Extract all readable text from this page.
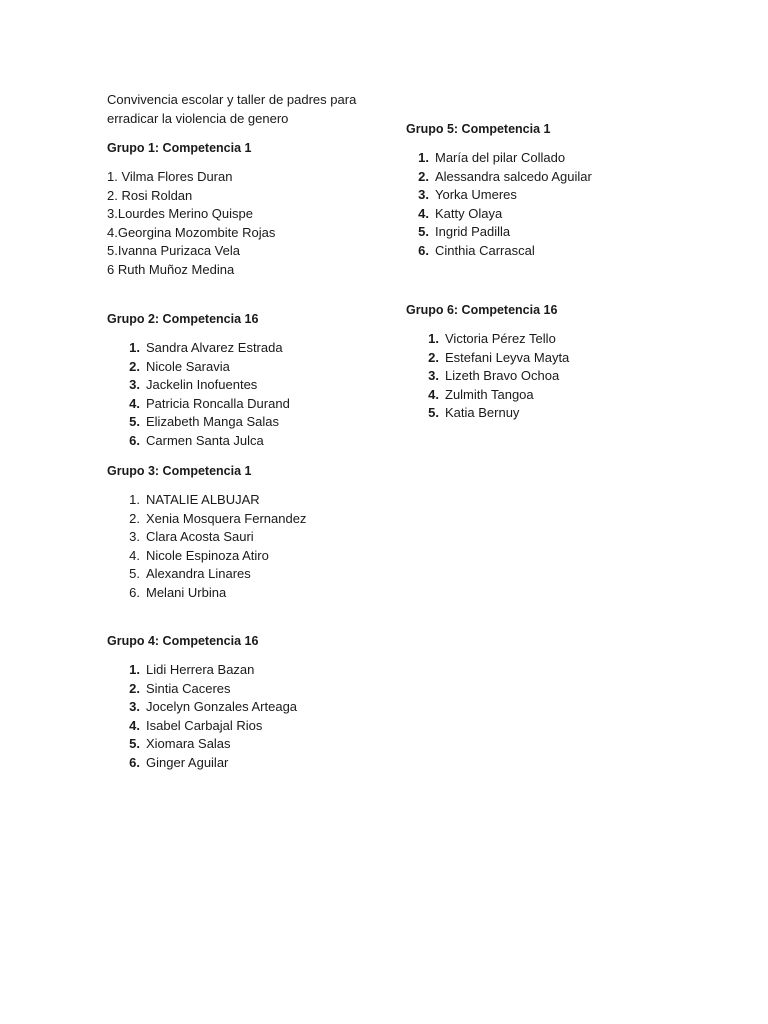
Convivencia escolar y taller de padres para
erradicar la violencia de genero
Grupo 1: Competencia 1
1. Vilma Flores Duran
2. Rosi Roldan
3.Lourdes Merino Quispe
4.Georgina Mozombite Rojas
5.Ivanna Purizaca Vela
6 Ruth Muñoz Medina
Grupo 2: Competencia 16
1. Sandra Alvarez Estrada
2. Nicole Saravia
3. Jackelin Inofuentes
4. Patricia Roncalla Durand
5. Elizabeth Manga Salas
6. Carmen Santa Julca
Grupo 3: Competencia 1
1. NATALIE ALBUJAR
2. Xenia Mosquera Fernandez
3. Clara Acosta Sauri
4. Nicole Espinoza Atiro
5. Alexandra Linares
6. Melani Urbina
Grupo 4: Competencia 16
1. Lidi Herrera Bazan
2. Sintia Caceres
3. Jocelyn Gonzales Arteaga
4. Isabel Carbajal Rios
5. Xiomara Salas
6. Ginger Aguilar
Grupo 5: Competencia 1
1. María del pilar Collado
2. Alessandra salcedo Aguilar
3. Yorka Umeres
4. Katty Olaya
5. Ingrid Padilla
6. Cinthia Carrascal
Grupo 6: Competencia 16
1. Victoria Pérez Tello
2. Estefani Leyva Mayta
3. Lizeth Bravo Ochoa
4. Zulmith Tangoa
5. Katia Bernuy
